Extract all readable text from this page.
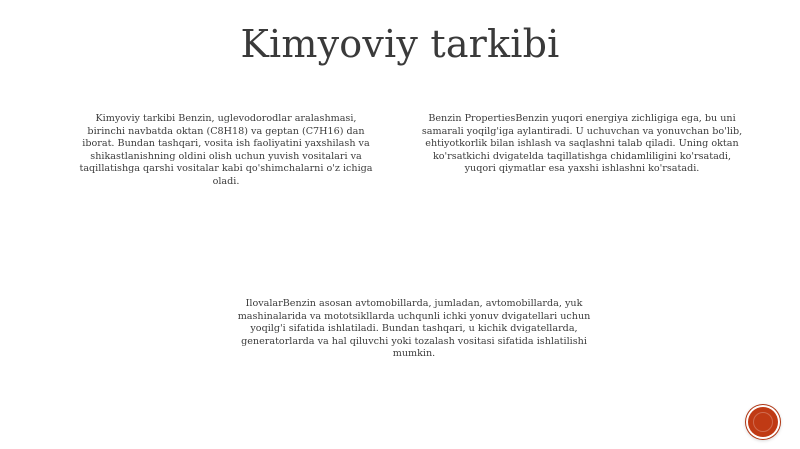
Kimyoviy tarkibi

Kimyoviy tarkibi Benzin, uglevodorodlar aralashmasi, birinchi navbatda oktan (C8H18) va geptan (C7H16) dan iborat. Bundan tashqari, vosita ish faoliyatini yaxshilash va shikastlanishning oldini olish uchun yuvish vositalari va taqillatishga qarshi vositalar kabi qo'shimchalarni o'z ichiga oladi.

Benzin PropertiesBenzin yuqori energiya zichligiga ega, bu uni samarali yoqilg'iga aylantiradi. U uchuvchan va yonuvchan bo'lib, ehtiyotkorlik bilan ishlash va saqlashni talab qiladi. Uning oktan ko'rsatkichi dvigatelda taqillatishga chidamliligini ko'rsatadi, yuqori qiymatlar esa yaxshi ishlashni ko'rsatadi.

IlovalarBenzin asosan avtomobillarda, jumladan, avtomobillarda, yuk mashinalarida va mototsikllarda uchqunli ichki yonuv dvigatellari uchun yoqilg'i sifatida ishlatiladi. Bundan tashqari, u kichik dvigatellarda, generatorlarda va hal qiluvchi yoki tozalash vositasi sifatida ishlatilishi mumkin.
